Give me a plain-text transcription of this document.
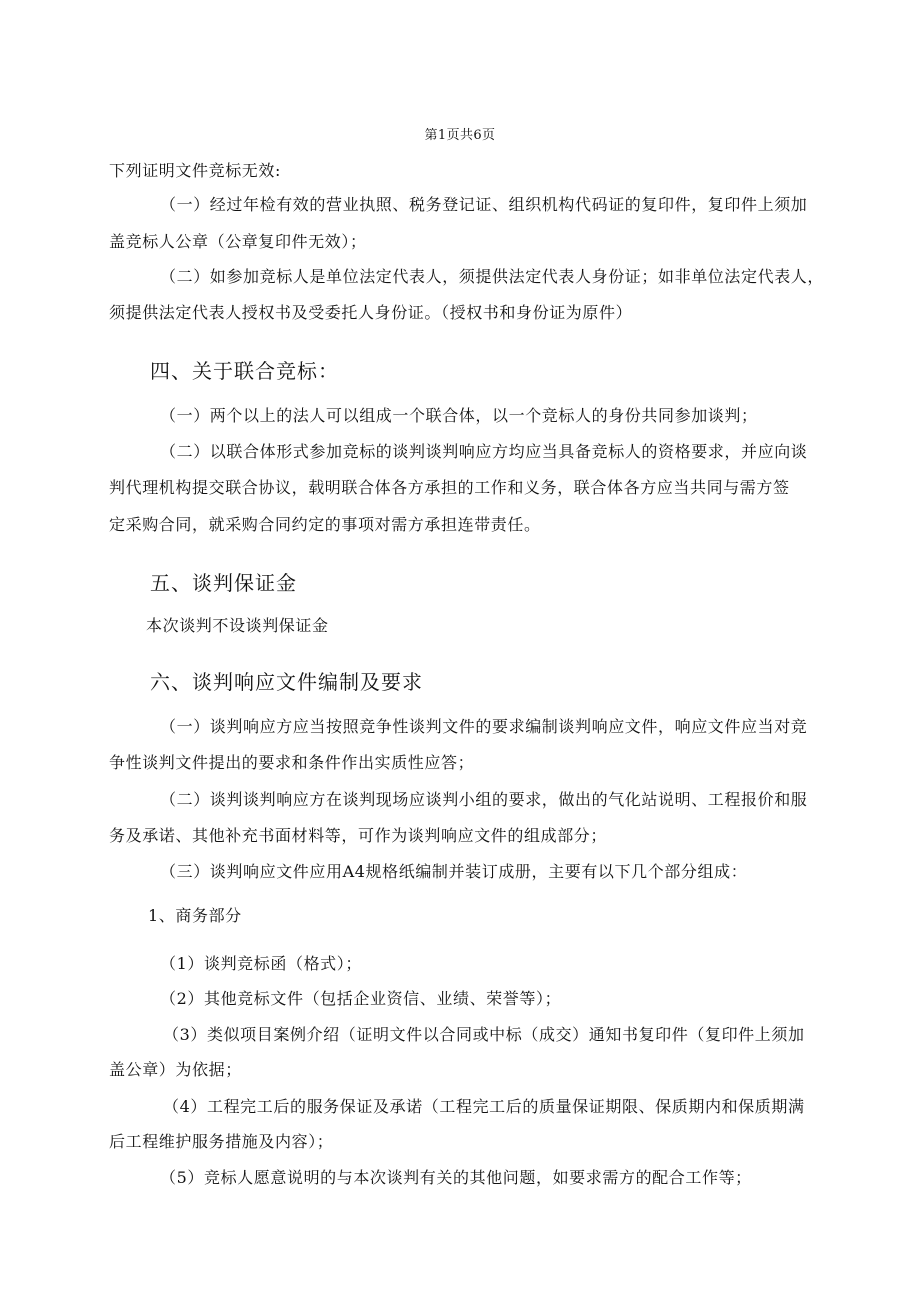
第1页共6页
下列证明文件竞标无效:
（一）经过年检有效的营业执照、税务登记证、组织机构代码证的复印件，复印件上须加
盖竞标人公章（公章复印件无效）；
（二）如参加竞标人是单位法定代表人，须提供法定代表人身份证；如非单位法定代表人，
须提供法定代表人授权书及受委托人身份证。（授权书和身份证为原件）
四、关于联合竞标：
（一）两个以上的法人可以组成一个联合体，以一个竞标人的身份共同参加谈判；
（二）以联合体形式参加竞标的谈判谈判响应方均应当具备竞标人的资格要求，并应向谈
判代理机构提交联合协议，载明联合体各方承担的工作和义务，联合体各方应当共同与需方签
定采购合同，就采购合同约定的事项对需方承担连带责任。
五、谈判保证金
本次谈判不设谈判保证金
六、谈判响应文件编制及要求
（一）谈判响应方应当按照竞争性谈判文件的要求编制谈判响应文件，响应文件应当对竞
争性谈判文件提出的要求和条件作出实质性应答；
（二）谈判谈判响应方在谈判现场应谈判小组的要求，做出的气化站说明、工程报价和服
务及承诺、其他补充书面材料等，可作为谈判响应文件的组成部分；
（三）谈判响应文件应用A4规格纸编制并装订成册，主要有以下几个部分组成：
1、商务部分
（1）谈判竞标函（格式）；
（2）其他竞标文件（包括企业资信、业绩、荣誉等）；
（3）类似项目案例介绍（证明文件以合同或中标（成交）通知书复印件（复印件上须加
盖公章）为依据；
（4）工程完工后的服务保证及承诺（工程完工后的质量保证期限、保质期内和保质期满
后工程维护服务措施及内容）；
（5）竞标人愿意说明的与本次谈判有关的其他问题，如要求需方的配合工作等；
